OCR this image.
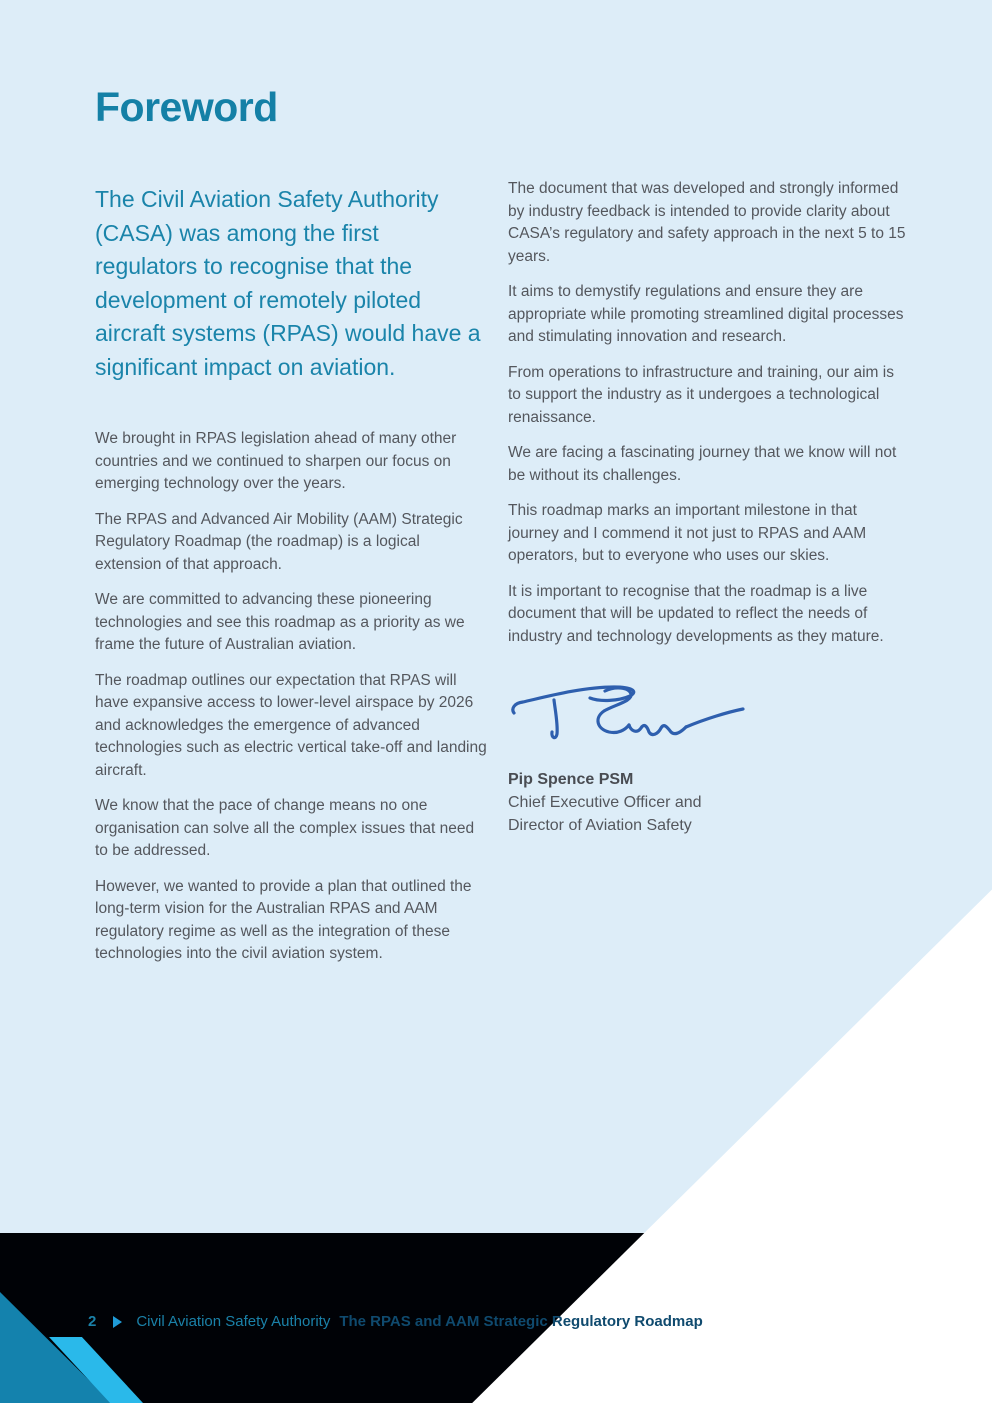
Foreword

The Civil Aviation Safety Authority (CASA) was among the first regulators to recognise that the development of remotely piloted aircraft systems (RPAS) would have a significant impact on aviation.

We brought in RPAS legislation ahead of many other countries and we continued to sharpen our focus on emerging technology over the years.

The RPAS and Advanced Air Mobility (AAM) Strategic Regulatory Roadmap (the roadmap) is a logical extension of that approach.

We are committed to advancing these pioneering technologies and see this roadmap as a priority as we frame the future of Australian aviation.

The roadmap outlines our expectation that RPAS will have expansive access to lower-level airspace by 2026 and acknowledges the emergence of advanced technologies such as electric vertical take-off and landing aircraft.

We know that the pace of change means no one organisation can solve all the complex issues that need to be addressed.

However, we wanted to provide a plan that outlined the long-term vision for the Australian RPAS and AAM regulatory regime as well as the integration of these technologies into the civil aviation system.

The document that was developed and strongly informed by industry feedback is intended to provide clarity about CASA’s regulatory and safety approach in the next 5 to 15 years.

It aims to demystify regulations and ensure they are appropriate while promoting streamlined digital processes and stimulating innovation and research.

From operations to infrastructure and training, our aim is to support the industry as it undergoes a technological renaissance.

We are facing a fascinating journey that we know will not be without its challenges.

This roadmap marks an important milestone in that journey and I commend it not just to RPAS and AAM operators, but to everyone who uses our skies.

It is important to recognise that the roadmap is a live document that will be updated to reflect the needs of industry and technology developments as they mature.

Pip Spence PSM

Chief Executive Officer and

Director of Aviation Safety

2	Civil Aviation Safety Authority The RPAS and AAM Strategic Regulatory Roadmap
